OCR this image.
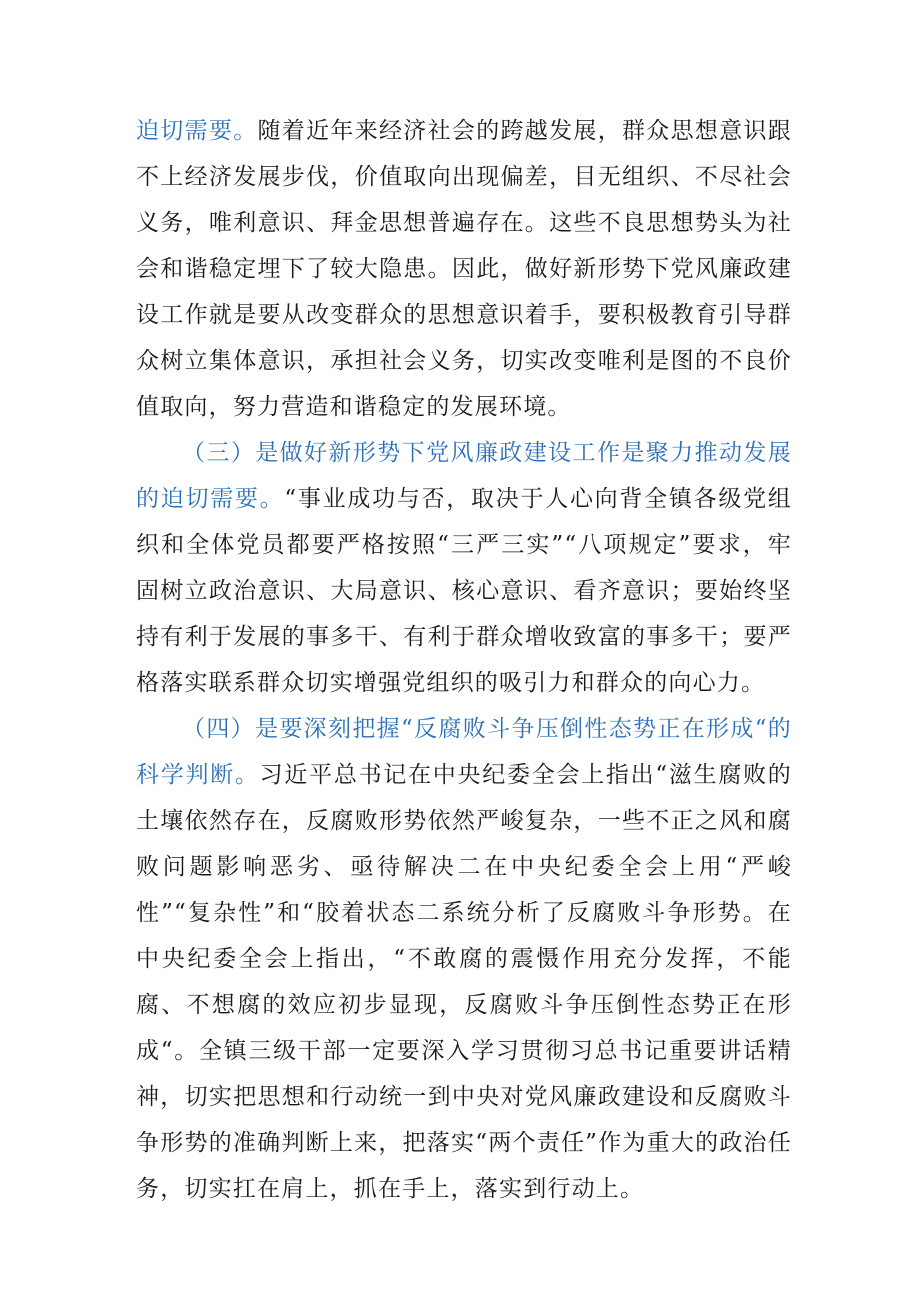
迫切需要。随着近年来经济社会的跨越发展，群众思想意识跟不上经济发展步伐，价值取向出现偏差，目无组织、不尽社会义务，唯利意识、拜金思想普遍存在。这些不良思想势头为社会和谐稳定埋下了较大隐患。因此，做好新形势下党风廉政建设工作就是要从改变群众的思想意识着手，要积极教育引导群众树立集体意识，承担社会义务，切实改变唯利是图的不良价值取向，努力营造和谐稳定的发展环境。

（三）是做好新形势下党风廉政建设工作是聚力推动发展的迫切需要。“事业成功与否，取决于人心向背全镇各级党组织和全体党员都要严格按照“三严三实”“八项规定”要求，牢固树立政治意识、大局意识、核心意识、看齐意识；要始终坚持有利于发展的事多干、有利于群众增收致富的事多干；要严格落实联系群众切实增强党组织的吸引力和群众的向心力。

（四）是要深刻把握“反腐败斗争压倒性态势正在形成“的科学判断。习近平总书记在中央纪委全会上指出“滋生腐败的土壤依然存在，反腐败形势依然严峻复杂，一些不正之风和腐败问题影响恶劣、亟待解决二在中央纪委全会上用“严峻性”“复杂性”和“胶着状态二系统分析了反腐败斗争形势。在中央纪委全会上指出，“不敢腐的震慑作用充分发挥，不能腐、不想腐的效应初步显现，反腐败斗争压倒性态势正在形成“。全镇三级干部一定要深入学习贯彻习总书记重要讲话精神，切实把思想和行动统一到中央对党风廉政建设和反腐败斗争形势的准确判断上来，把落实“两个责任”作为重大的政治任务，切实扛在肩上，抓在手上，落实到行动上。
